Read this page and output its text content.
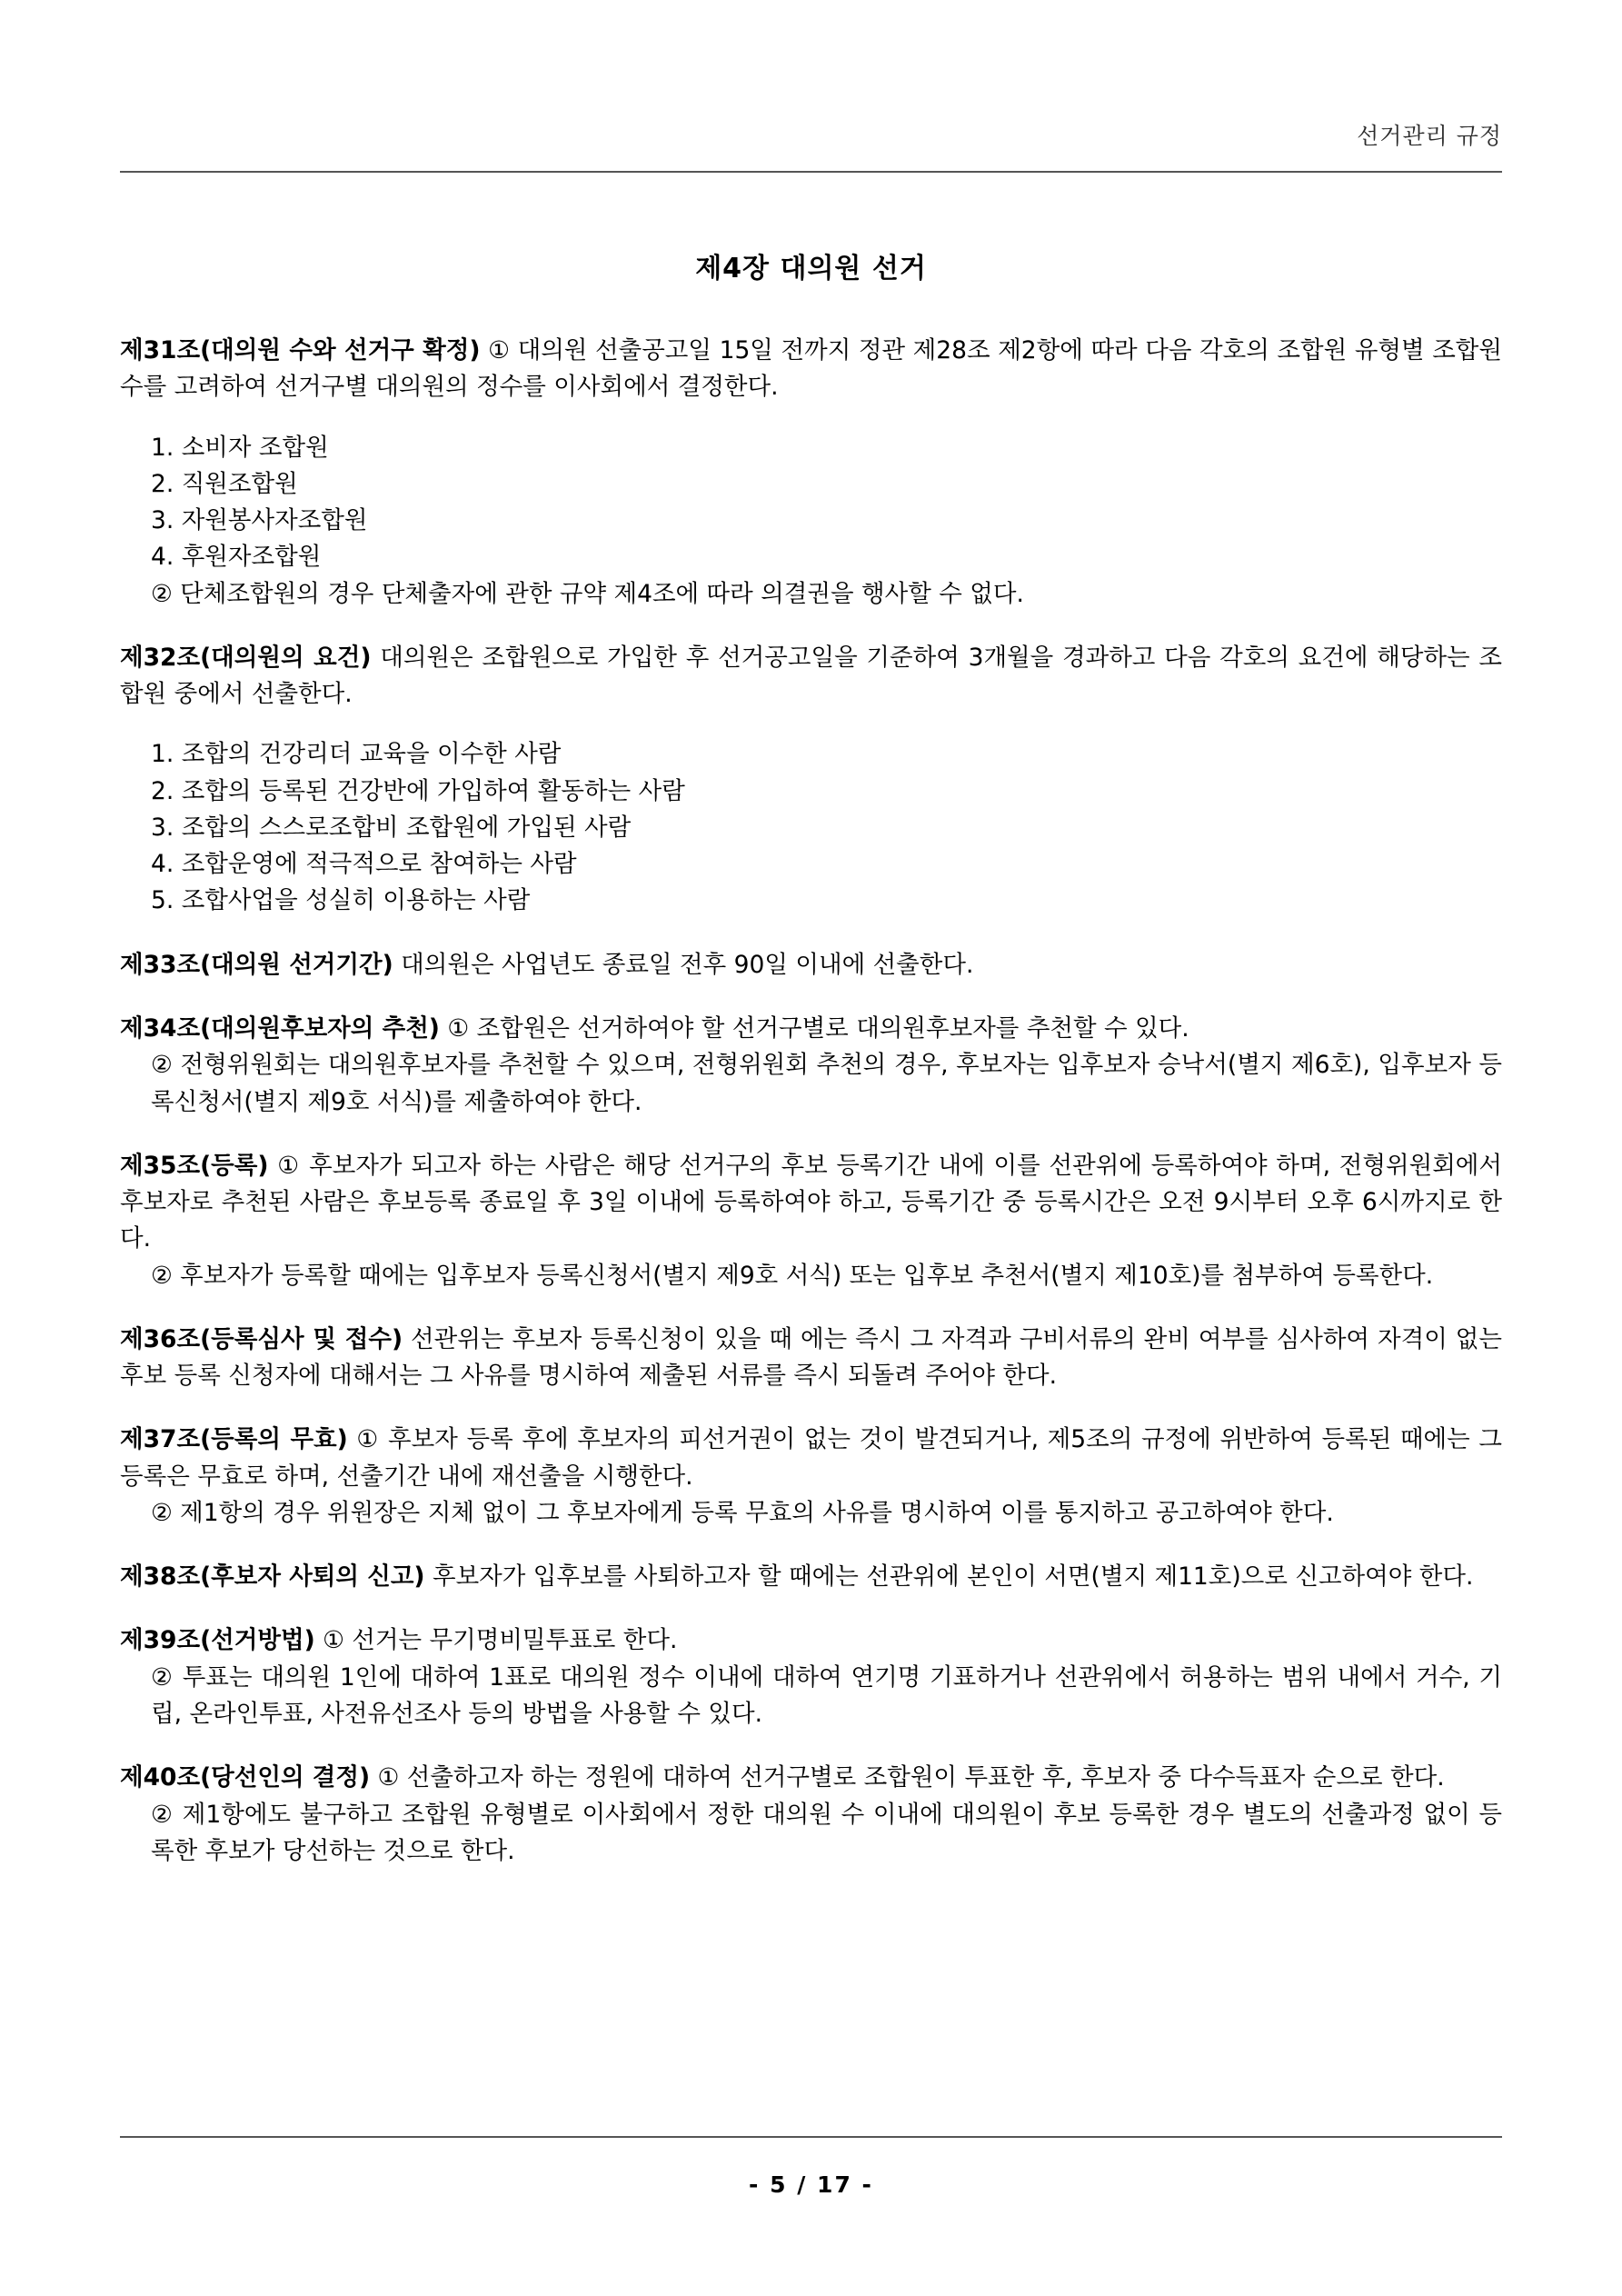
선거관리 규정
제4장 대의원 선거
제31조(대의원 수와 선거구 확정) ① 대의원 선출공고일 15일 전까지 정관 제28조 제2항에 따라 다음 각호의 조합원 유형별 조합원 수를 고려하여 선거구별 대의원의 정수를 이사회에서 결정한다.
1. 소비자 조합원
2. 직원조합원
3. 자원봉사자조합원
4. 후원자조합원
② 단체조합원의 경우 단체출자에 관한 규약 제4조에 따라 의결권을 행사할 수 없다.
제32조(대의원의 요건) 대의원은 조합원으로 가입한 후 선거공고일을 기준하여 3개월을 경과하고 다음 각호의 요건에 해당하는 조합원 중에서 선출한다.
1. 조합의 건강리더 교육을 이수한 사람
2. 조합의 등록된 건강반에 가입하여 활동하는 사람
3. 조합의 스스로조합비 조합원에 가입된 사람
4. 조합운영에 적극적으로 참여하는 사람
5. 조합사업을 성실히 이용하는 사람
제33조(대의원 선거기간) 대의원은 사업년도 종료일 전후 90일 이내에 선출한다.
제34조(대의원후보자의 추천) ① 조합원은 선거하여야 할 선거구별로 대의원후보자를 추천할 수 있다.
② 전형위원회는 대의원후보자를 추천할 수 있으며, 전형위원회 추천의 경우, 후보자는 입후보자 승낙서(별지 제6호), 입후보자 등록신청서(별지 제9호 서식)를 제출하여야 한다.
제35조(등록) ① 후보자가 되고자 하는 사람은 해당 선거구의 후보 등록기간 내에 이를 선관위에 등록하여야 하며, 전형위원회에서 후보자로 추천된 사람은 후보등록 종료일 후 3일 이내에 등록하여야 하고, 등록기간 중 등록시간은 오전 9시부터 오후 6시까지로 한다.
② 후보자가 등록할 때에는 입후보자 등록신청서(별지 제9호 서식) 또는 입후보 추천서(별지 제10호)를 첨부하여 등록한다.
제36조(등록심사 및 접수) 선관위는 후보자 등록신청이 있을 때 에는 즉시 그 자격과 구비서류의 완비 여부를 심사하여 자격이 없는 후보 등록 신청자에 대해서는 그 사유를 명시하여 제출된 서류를 즉시 되돌려 주어야 한다.
제37조(등록의 무효) ① 후보자 등록 후에 후보자의 피선거권이 없는 것이 발견되거나, 제5조의 규정에 위반하여 등록된 때에는 그 등록은 무효로 하며, 선출기간 내에 재선출을 시행한다.
② 제1항의 경우 위원장은 지체 없이 그 후보자에게 등록 무효의 사유를 명시하여 이를 통지하고 공고하여야 한다.
제38조(후보자 사퇴의 신고) 후보자가 입후보를 사퇴하고자 할 때에는 선관위에 본인이 서면(별지 제11호)으로 신고하여야 한다.
제39조(선거방법) ① 선거는 무기명비밀투표로 한다.
② 투표는 대의원 1인에 대하여 1표로 대의원 정수 이내에 대하여 연기명 기표하거나 선관위에서 허용하는 범위 내에서 거수, 기립, 온라인투표, 사전유선조사 등의 방법을 사용할 수 있다.
제40조(당선인의 결정) ① 선출하고자 하는 정원에 대하여 선거구별로 조합원이 투표한 후, 후보자 중 다수득표자 순으로 한다.
② 제1항에도 불구하고 조합원 유형별로 이사회에서 정한 대의원 수 이내에 대의원이 후보 등록한 경우 별도의 선출과정 없이 등록한 후보가 당선하는 것으로 한다.
- 5 / 17 -
